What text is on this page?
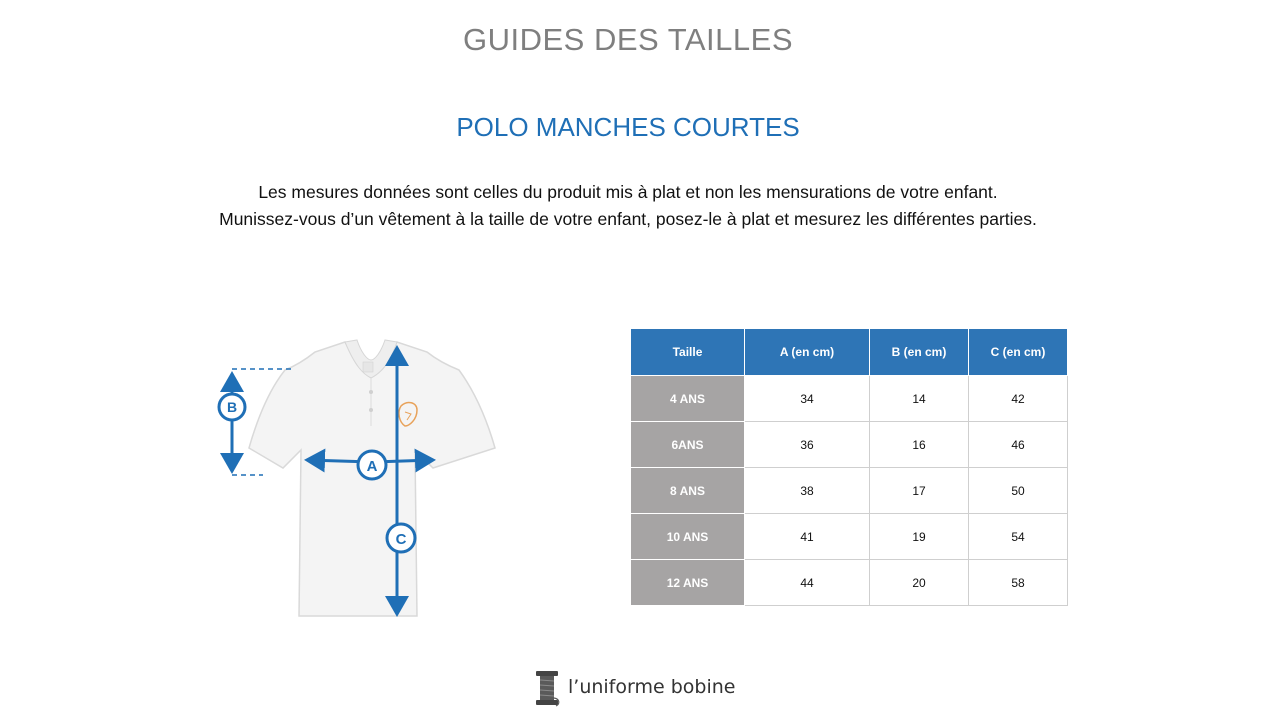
GUIDES DES TAILLES
POLO MANCHES COURTES
Les mesures données sont celles du produit mis à plat et non les mensurations de votre enfant.
Munissez-vous d’un vêtement à la taille de votre enfant, posez-le à plat et mesurez les différentes parties.
B
A
C
Taille	A (en cm)	B (en cm)	C (en cm)
4 ANS	34	14	42
6ANS	36	16	46
8 ANS	38	17	50
10 ANS	41	19	54
12 ANS	44	20	58
l’uniforme bobine
